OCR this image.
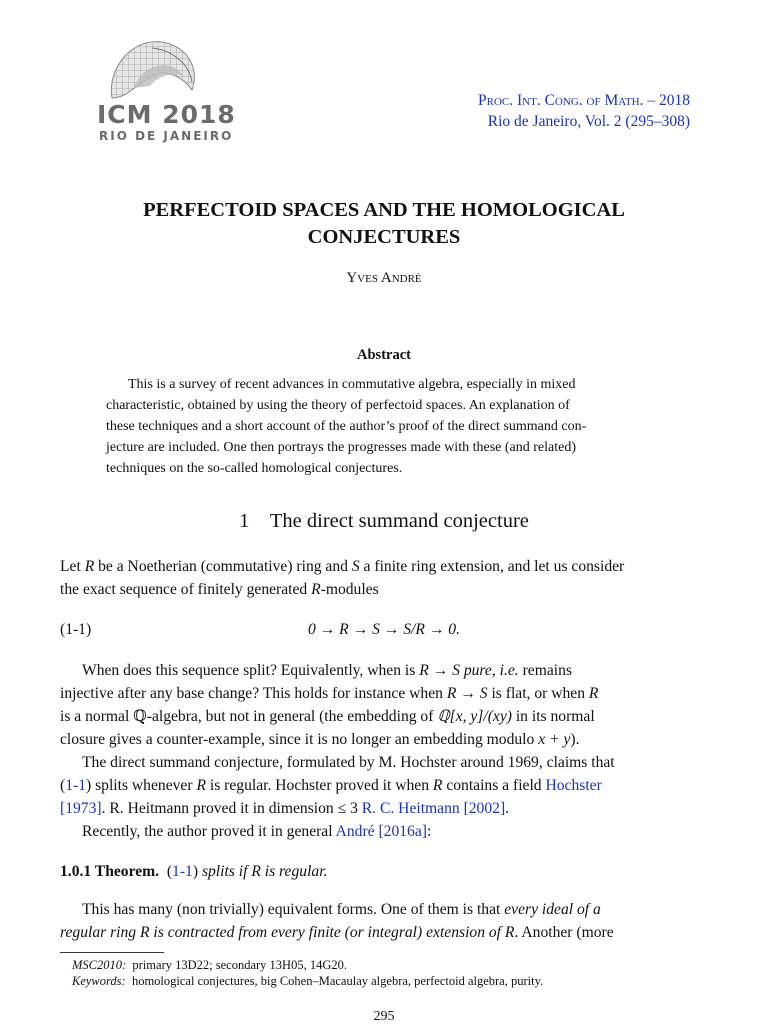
ICM 2018
RIO DE JANEIRO
Proc. Int. Cong. of Math. – 2018
Rio de Janeiro, Vol. 2 (295–308)
PERFECTOID SPACES AND THE HOMOLOGICAL
CONJECTURES
Yves André
Abstract
This is a survey of recent advances in commutative algebra, especially in mixed
characteristic, obtained by using the theory of perfectoid spaces. An explanation of
these techniques and a short account of the author’s proof of the direct summand con-
jecture are included. One then portrays the progresses made with these (and related)
techniques on the so-called homological conjectures.
1 The direct summand conjecture
Let R be a Noetherian (commutative) ring and S a finite ring extension, and let us consider
the exact sequence of finitely generated R-modules
(1-1)	0 → R → S → S/R → 0.
When does this sequence split? Equivalently, when is R → S pure, i.e. remains
injective after any base change? This holds for instance when R → S is flat, or when R
is a normal ℚ-algebra, but not in general (the embedding of ℚ[x, y]/(xy) in its normal
closure gives a counter-example, since it is no longer an embedding modulo x + y).
The direct summand conjecture, formulated by M. Hochster around 1969, claims that
(1-1) splits whenever R is regular. Hochster proved it when R contains a field Hochster
[1973]. R. Heitmann proved it in dimension ≤ 3 R. C. Heitmann [2002].
Recently, the author proved it in general André [2016a]:
1.0.1 Theorem. (1-1) splits if R is regular.
This has many (non trivially) equivalent forms. One of them is that every ideal of a
regular ring R is contracted from every finite (or integral) extension of R. Another (more
MSC2010: primary 13D22; secondary 13H05, 14G20.
Keywords: homological conjectures, big Cohen–Macaulay algebra, perfectoid algebra, purity.
295
